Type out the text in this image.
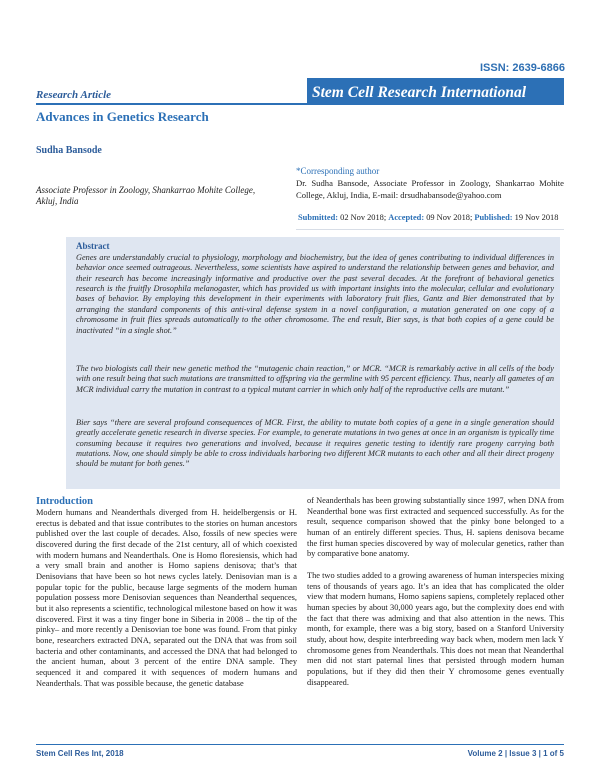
ISSN: 2639-6866
Stem Cell Research International
Research Article
Advances in Genetics Research
Sudha Bansode
Associate Professor in Zoology, Shankarrao Mohite College, Akluj, India
*Corresponding author
Dr. Sudha Bansode, Associate Professor in Zoology, Shankarrao Mohite College, Akluj, India, E-mail: drsudhabansode@yahoo.com
Submitted: 02 Nov 2018; Accepted: 09 Nov 2018; Published: 19 Nov 2018
Abstract
Genes are understandably crucial to physiology, morphology and biochemistry, but the idea of genes contributing to individual differences in behavior once seemed outrageous. Nevertheless, some scientists have aspired to understand the relationship between genes and behavior, and their research has become increasingly informative and productive over the past several decades. At the forefront of behavioral genetics research is the fruitfly Drosophila melanogaster, which has provided us with important insights into the molecular, cellular and evolutionary bases of behavior. By employing this development in their experiments with laboratory fruit flies, Gantz and Bier demonstrated that by arranging the standard components of this anti-viral defense system in a novel configuration, a mutation generated on one copy of a chromosome in fruit flies spreads automatically to the other chromosome. The end result, Bier says, is that both copies of a gene could be inactivated “in a single shot.”
The two biologists call their new genetic method the “mutagenic chain reaction,” or MCR. “MCR is remarkably active in all cells of the body with one result being that such mutations are transmitted to offspring via the germline with 95 percent efficiency. Thus, nearly all gametes of an MCR individual carry the mutation in contrast to a typical mutant carrier in which only half of the reproductive cells are mutant.”
Bier says “there are several profound consequences of MCR. First, the ability to mutate both copies of a gene in a single generation should greatly accelerate genetic research in diverse species. For example, to generate mutations in two genes at once in an organism is typically time consuming because it requires two generations and involved, because it requires genetic testing to identify rare progeny carrying both mutations. Now, one should simply be able to cross individuals harboring two different MCR mutants to each other and all their direct progeny should be mutant for both genes.”
Introduction

Modern humans and Neanderthals diverged from H. heidelbergensis or H. erectus is debated and that issue contributes to the stories on human ancestors published over the last couple of decades. Also, fossils of new species were discovered during the first decade of the 21st century, all of which coexisted with modern humans and Neanderthals. One is Homo floresiensis, which had a very small brain and another is Homo sapiens denisova; that’s that Denisovians that have been so hot news cycles lately. Denisovian man is a popular topic for the public, because large segments of the modern human population possess more Denisovian sequences than Neanderthal sequences, but it also represents a scientific, technological milestone based on how it was discovered. First it was a tiny finger bone in Siberia in 2008 – the tip of the pinky– and more recently a Denisovian toe bone was found. From that pinky bone, researchers extracted DNA, separated out the DNA that was from soil bacteria and other contaminants, and accessed the DNA that had belonged to the ancient human, about 3 percent of the entire DNA sample. They sequenced it and compared it with sequences of modern humans and Neanderthals. That was possible because, the genetic database

of Neanderthals has been growing substantially since 1997, when DNA from Neanderthal bone was first extracted and sequenced successfully. As for the result, sequence comparison showed that the pinky bone belonged to a human of an entirely different species. Thus, H. sapiens denisova became the first human species discovered by way of molecular genetics, rather than by comparative bone anatomy.

The two studies added to a growing awareness of human interspecies mixing tens of thousands of years ago. It’s an idea that has complicated the older view that modern humans, Homo sapiens sapiens, completely replaced other human species by about 30,000 years ago, but the complexity does end with the fact that there was admixing and that also attention in the news. This month, for example, there was a big story, based on a Stanford University study, about how, despite interbreeding way back when, modern men lack Y chromosome genes from Neanderthals. This does not mean that Neanderthal men did not start paternal lines that persisted through modern human populations, but if they did then their Y chromosome genes eventually disappeared.

Stem Cell Res Int, 2018	Volume 2 | Issue 3 | 1 of 5
